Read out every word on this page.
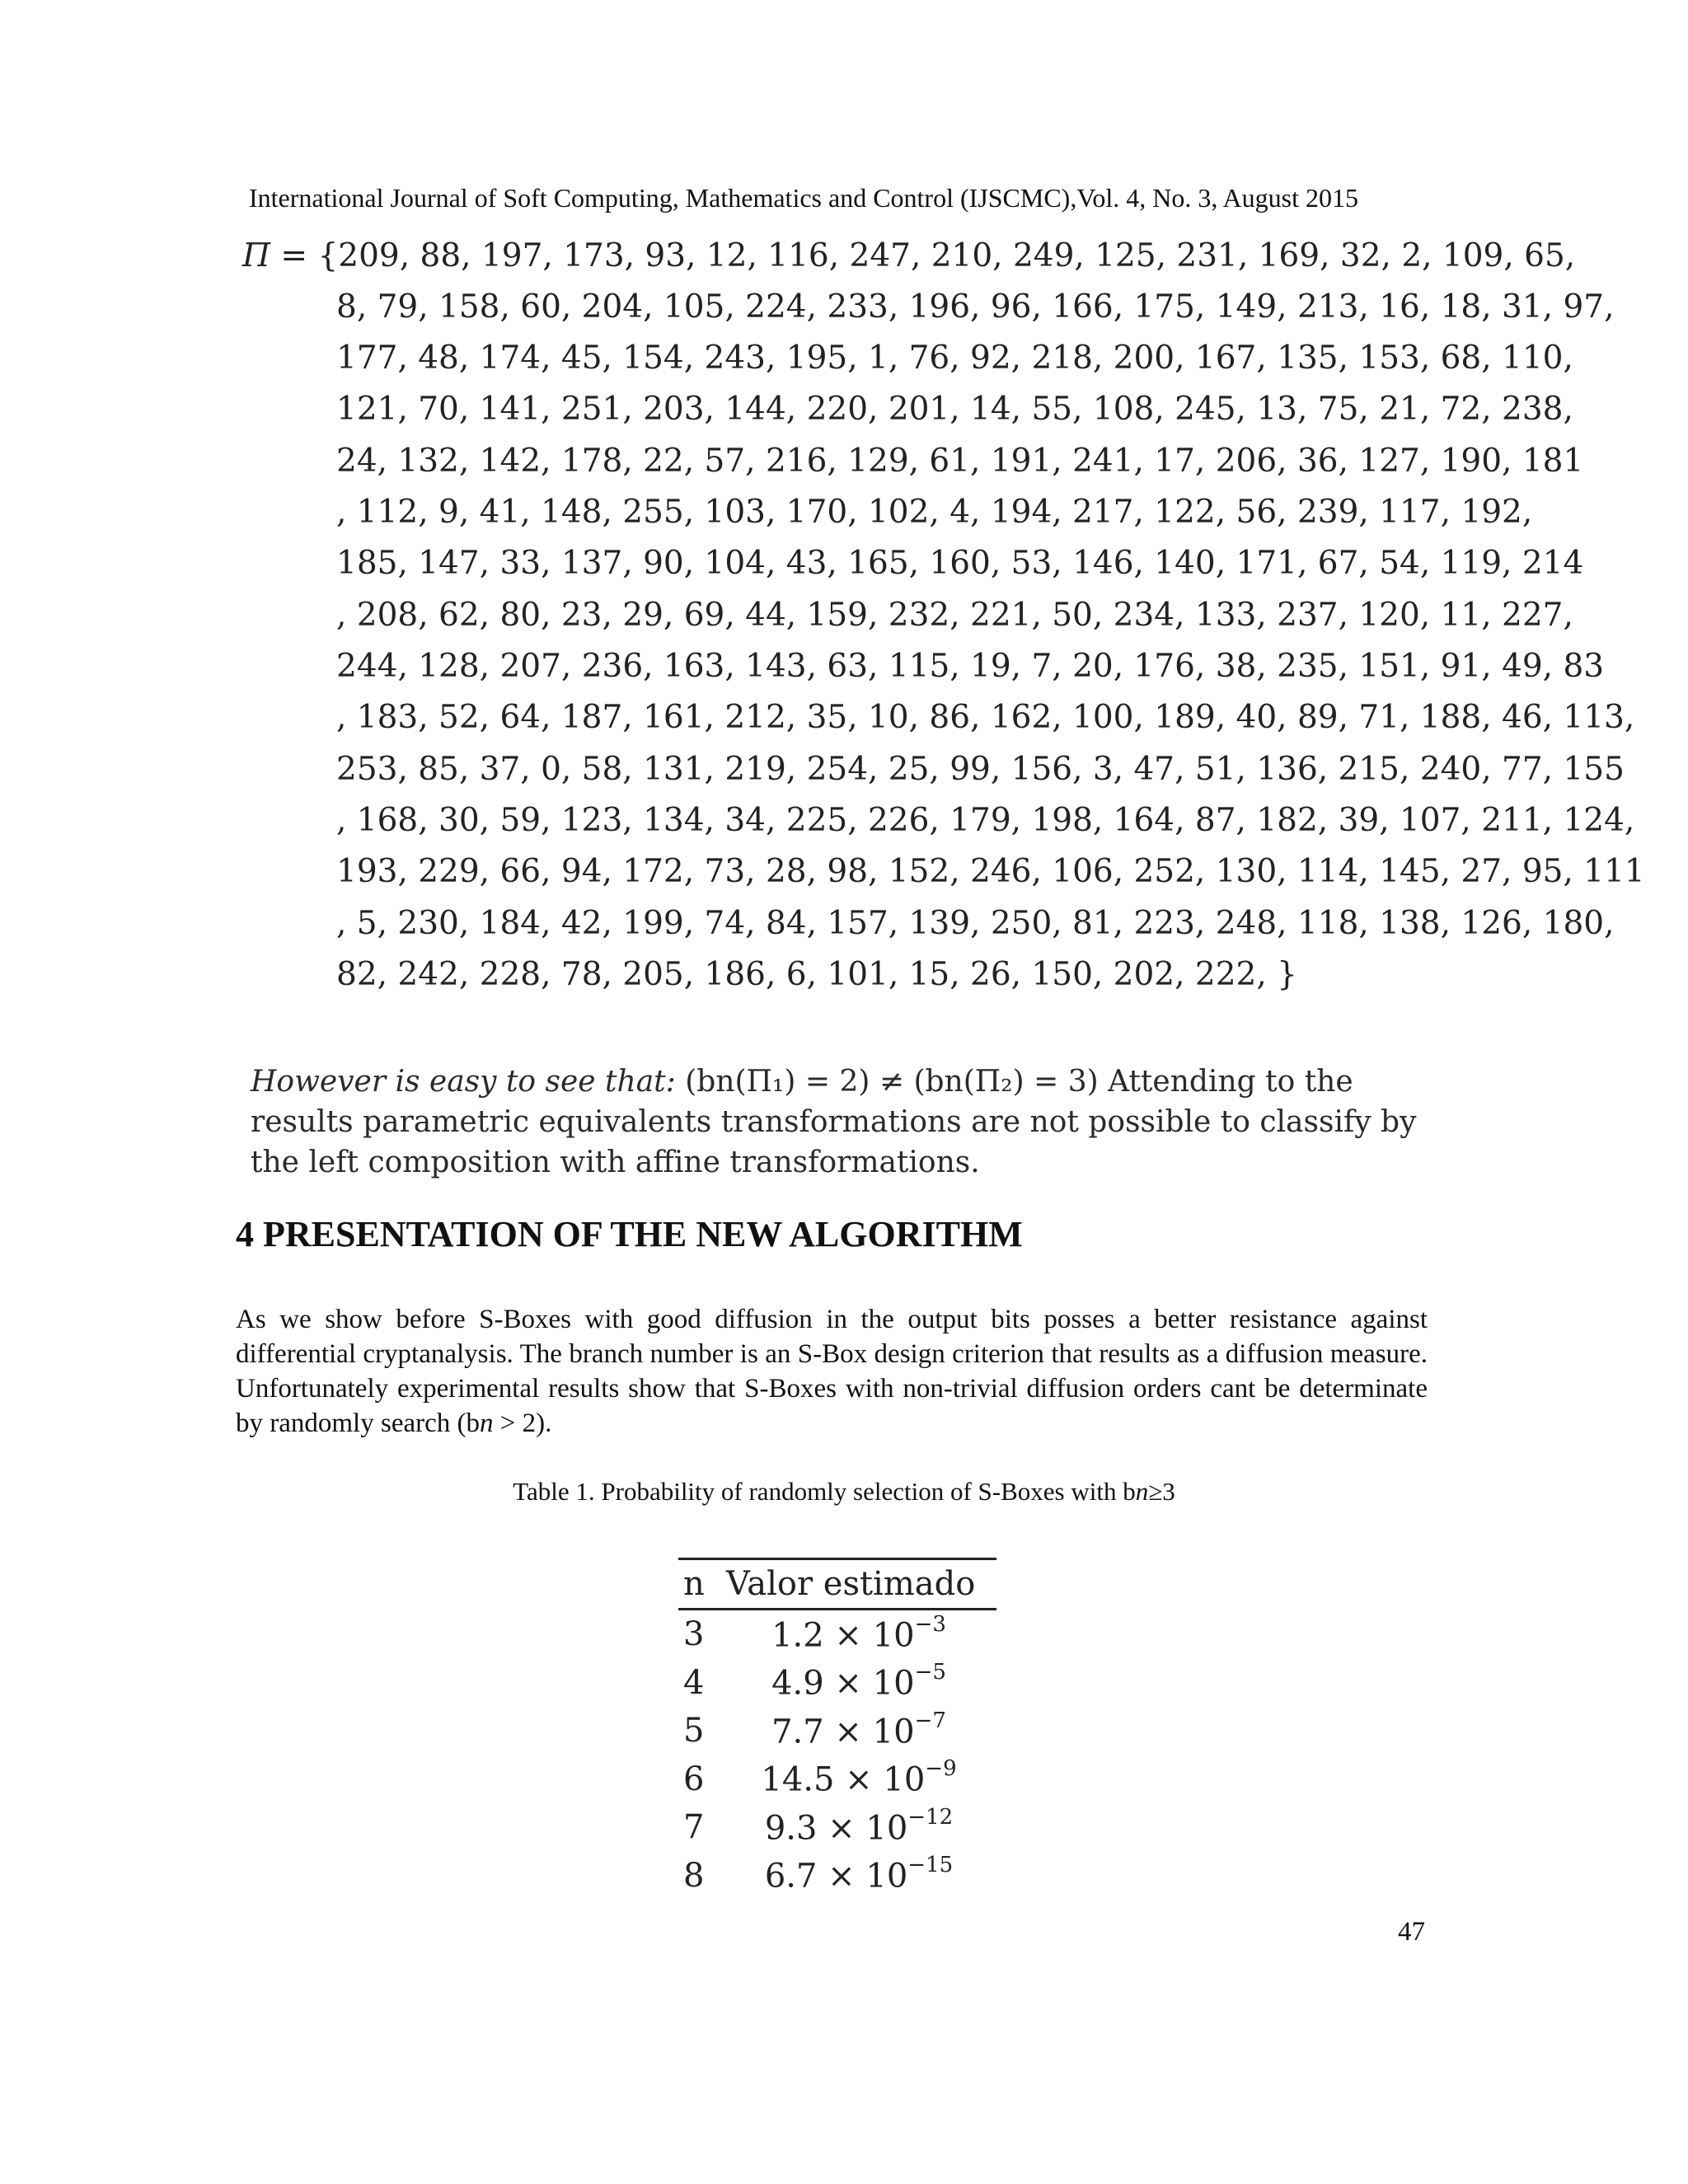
International Journal of Soft Computing, Mathematics and Control (IJSCMC),Vol. 4, No. 3, August 2015
Π = {209, 88, 197, 173, 93, 12, 116, 247, 210, 249, 125, 231, 169, 32, 2, 109, 65,
8, 79, 158, 60, 204, 105, 224, 233, 196, 96, 166, 175, 149, 213, 16, 18, 31, 97,
177, 48, 174, 45, 154, 243, 195, 1, 76, 92, 218, 200, 167, 135, 153, 68, 110,
121, 70, 141, 251, 203, 144, 220, 201, 14, 55, 108, 245, 13, 75, 21, 72, 238,
24, 132, 142, 178, 22, 57, 216, 129, 61, 191, 241, 17, 206, 36, 127, 190, 181
, 112, 9, 41, 148, 255, 103, 170, 102, 4, 194, 217, 122, 56, 239, 117, 192,
185, 147, 33, 137, 90, 104, 43, 165, 160, 53, 146, 140, 171, 67, 54, 119, 214
, 208, 62, 80, 23, 29, 69, 44, 159, 232, 221, 50, 234, 133, 237, 120, 11, 227,
244, 128, 207, 236, 163, 143, 63, 115, 19, 7, 20, 176, 38, 235, 151, 91, 49, 83
, 183, 52, 64, 187, 161, 212, 35, 10, 86, 162, 100, 189, 40, 89, 71, 188, 46, 113,
253, 85, 37, 0, 58, 131, 219, 254, 25, 99, 156, 3, 47, 51, 136, 215, 240, 77, 155
, 168, 30, 59, 123, 134, 34, 225, 226, 179, 198, 164, 87, 182, 39, 107, 211, 124,
193, 229, 66, 94, 172, 73, 28, 98, 152, 246, 106, 252, 130, 114, 145, 27, 95, 111
, 5, 230, 184, 42, 199, 74, 84, 157, 139, 250, 81, 223, 248, 118, 138, 126, 180,
82, 242, 228, 78, 205, 186, 6, 101, 15, 26, 150, 202, 222, }
However is easy to see that: (bn(Π₁) = 2) ≠ (bn(Π₂) = 3) Attending to the results parametric equivalents transformations are not possible to classify by the left composition with affine transformations.
4 PRESENTATION OF THE NEW ALGORITHM
As we show before S-Boxes with good diffusion in the output bits posses a better resistance against differential cryptanalysis. The branch number is an S-Box design criterion that results as a diffusion measure. Unfortunately experimental results show that S-Boxes with non-trivial diffusion orders cant be determinate by randomly search (bn > 2).
Table 1. Probability of randomly selection of S-Boxes with bn≥3
n	Valor estimado
3	$1.2 \times 10^{-3}$
4	$4.9 \times 10^{-5}$
5	$7.7 \times 10^{-7}$
6	$14.5 \times 10^{-9}$
7	$9.3 \times 10^{-12}$
8	$6.7 \times 10^{-15}$
47
